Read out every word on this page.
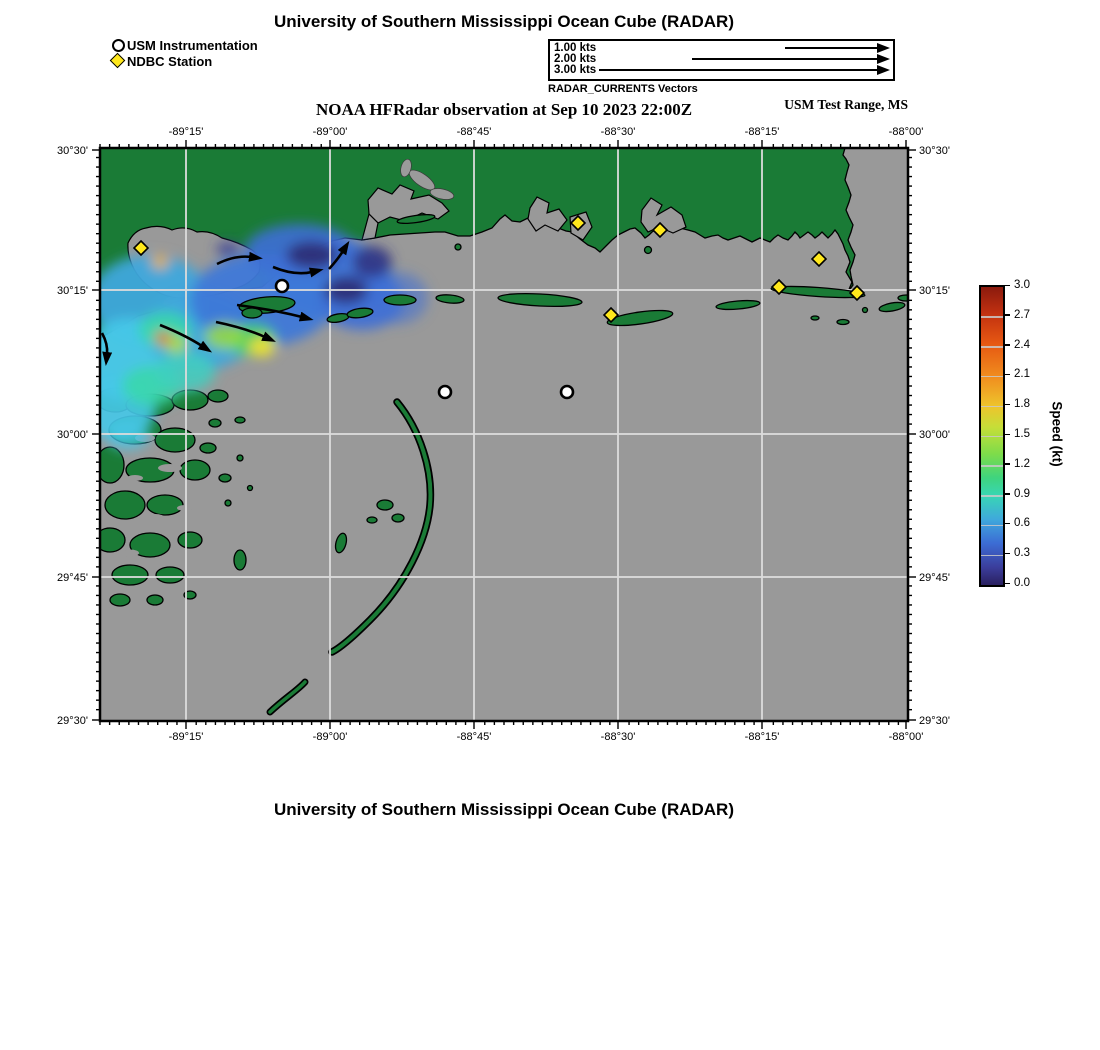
University of Southern Mississippi Ocean Cube (RADAR)
USM Instrumentation
NDBC Station
1.00 kts
2.00 kts
3.00 kts
RADAR_CURRENTS Vectors
USM Test Range, MS
NOAA HFRadar observation at Sep 10 2023 22:00Z
-89°15'
-89°15'
-89°00'
-89°00'
-88°45'
-88°45'
-88°30'
-88°30'
-88°15'
-88°15'
-88°00'
-88°00'
30°30'	30°30'
30°15'	30°15'
30°00'	30°00'
29°45'	29°45'
29°30'	29°30'
3.0
2.7
2.4
2.1
1.8
1.5
1.2
0.9
0.6
0.3
0.0
Speed (kt)
University of Southern Mississippi Ocean Cube (RADAR)
